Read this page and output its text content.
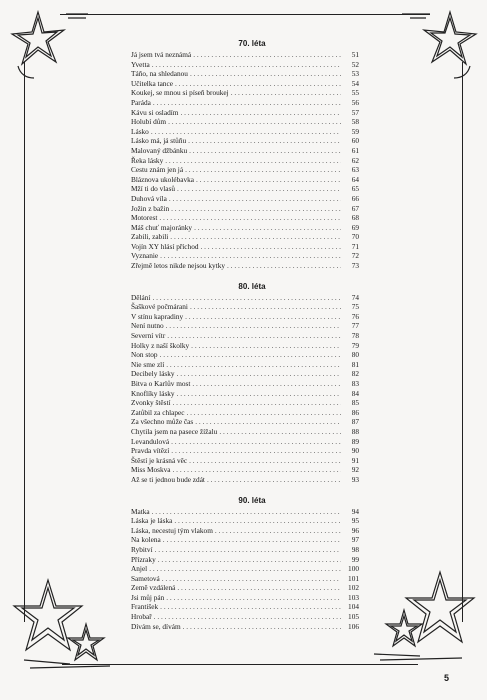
70. léta
Já jsem tvá neznámá . . .	51
Yvetta . . .	52
Táňo, na shledanou . . .	53
Učitelka tance . . .	54
Koukej, se mnou si píseň broukej . . .	55
Paráda . . .	56
Kávu si osladím . . .	57
Holubí dům . . .	58
Lásko . . .	59
Lásko má, já stůňu . . .	60
Malovaný džbánku . . .	61
Řeka lásky . . .	62
Cestu znám jen já . . .	63
Bláznova ukolébavka . . .	64
Mží ti do vlasů . . .	65
Duhová víla . . .	66
Jožin z bažin . . .	67
Motorest . . .	68
Máš chuť majoránky . . .	69
Zabili, zabili . . .	70
Vojín XY hlásí příchod . . .	71
Vyznanie . . .	72
Zřejmě letos nikde nejsou kytky . . .	73
80. léta
Dělání . . .	74
Šaškové počmárani . . .	75
V stínu kapradiny . . .	76
Není nutno . . .	77
Severní vítr . . .	78
Holky z naší školky . . .	79
Non stop . . .	80
Nie sme zlí . . .	81
Decibely lásky . . .	82
Bitva o Karlův most . . .	83
Knoflíky lásky . . .	84
Zvonky štěstí . . .	85
Zatůbil za chlapec . . .	86
Za všechno může čas . . .	87
Chytila jsem na pasece žížalu . . .	88
Levandulová . . .	89
Pravda vítězí . . .	90
Štěstí je krásná věc . . .	91
Miss Moskva . . .	92
Až se ti jednou bude zdát . . .	93
90. léta
Matka . . .	94
Láska je láska . . .	95
Láska, necestuj tým vlakom . . .	96
Na kolena . . .	97
Rybitví . . .	98
Přízraky . . .	99
Anjel . . .	100
Sametová . . .	101
Země vzdálená . . .	102
Jsi můj pán . . .	103
František . . .	104
Hrobař . . .	105
Dívám se, dívám . . .	106
5
